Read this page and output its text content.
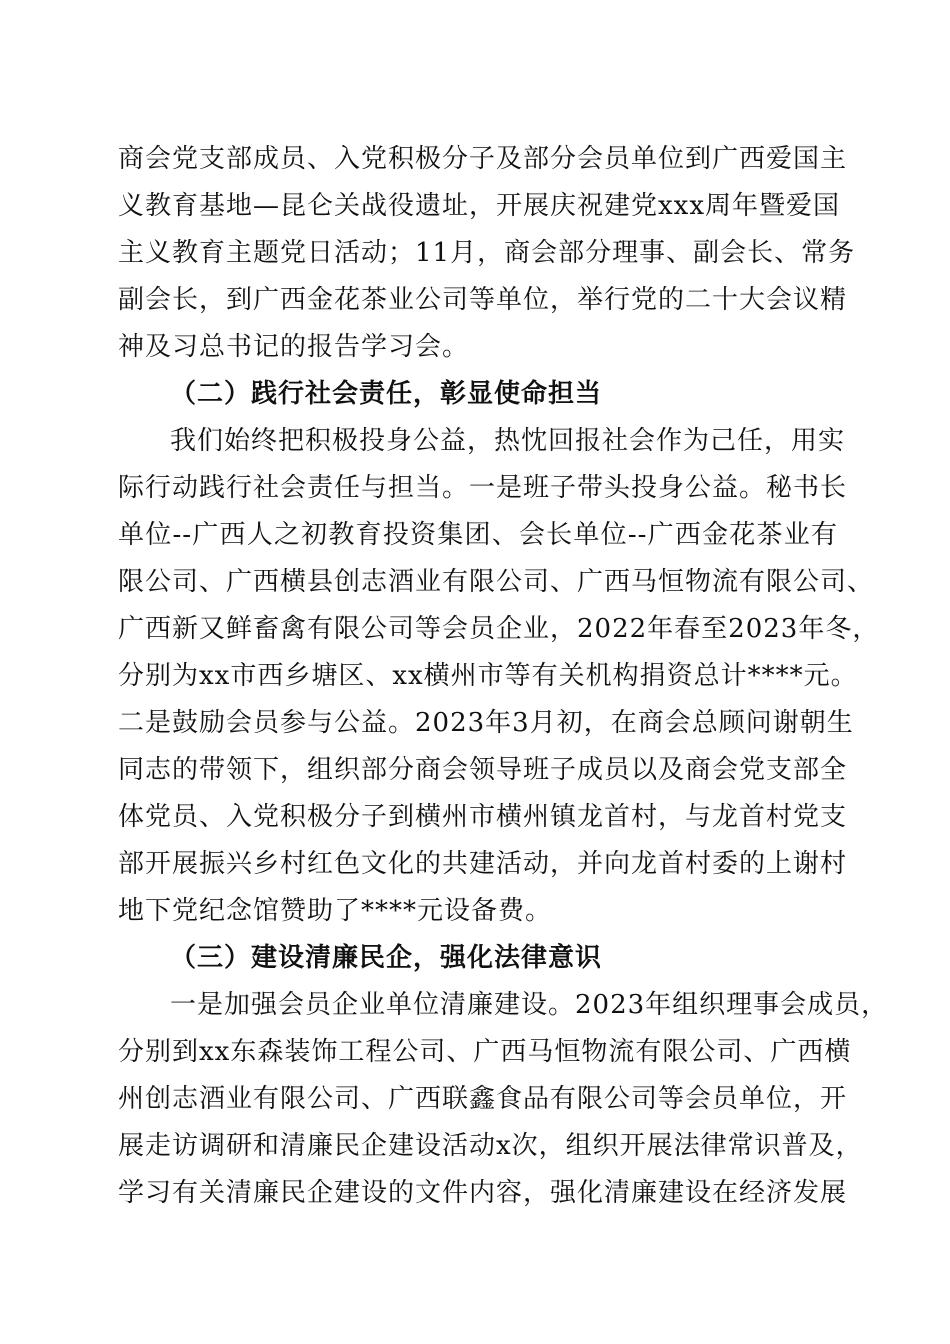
商会党支部成员、入党积极分子及部分会员单位到广西爱国主
义教育基地—昆仑关战役遗址，开展庆祝建党xxx周年暨爱国
主义教育主题党日活动；11月，商会部分理事、副会长、常务
副会长，到广西金花茶业公司等单位，举行党的二十大会议精
神及习总书记的报告学习会。
（二）践行社会责任，彰显使命担当
我们始终把积极投身公益，热忱回报社会作为己任，用实
际行动践行社会责任与担当。一是班子带头投身公益。秘书长
单位--广西人之初教育投资集团、会长单位--广西金花茶业有
限公司、广西横县创志酒业有限公司、广西马恒物流有限公司、
广西新又鲜畜禽有限公司等会员企业，2022年春至2023年冬，
分别为xx市西乡塘区、xx横州市等有关机构捐资总计****元。
二是鼓励会员参与公益。2023年3月初，在商会总顾问谢朝生
同志的带领下，组织部分商会领导班子成员以及商会党支部全
体党员、入党积极分子到横州市横州镇龙首村，与龙首村党支
部开展振兴乡村红色文化的共建活动，并向龙首村委的上谢村
地下党纪念馆赞助了****元设备费。
（三）建设清廉民企，强化法律意识
一是加强会员企业单位清廉建设。2023年组织理事会成员，
分别到xx东森装饰工程公司、广西马恒物流有限公司、广西横
州创志酒业有限公司、广西联鑫食品有限公司等会员单位，开
展走访调研和清廉民企建设活动x次，组织开展法律常识普及，
学习有关清廉民企建设的文件内容，强化清廉建设在经济发展
